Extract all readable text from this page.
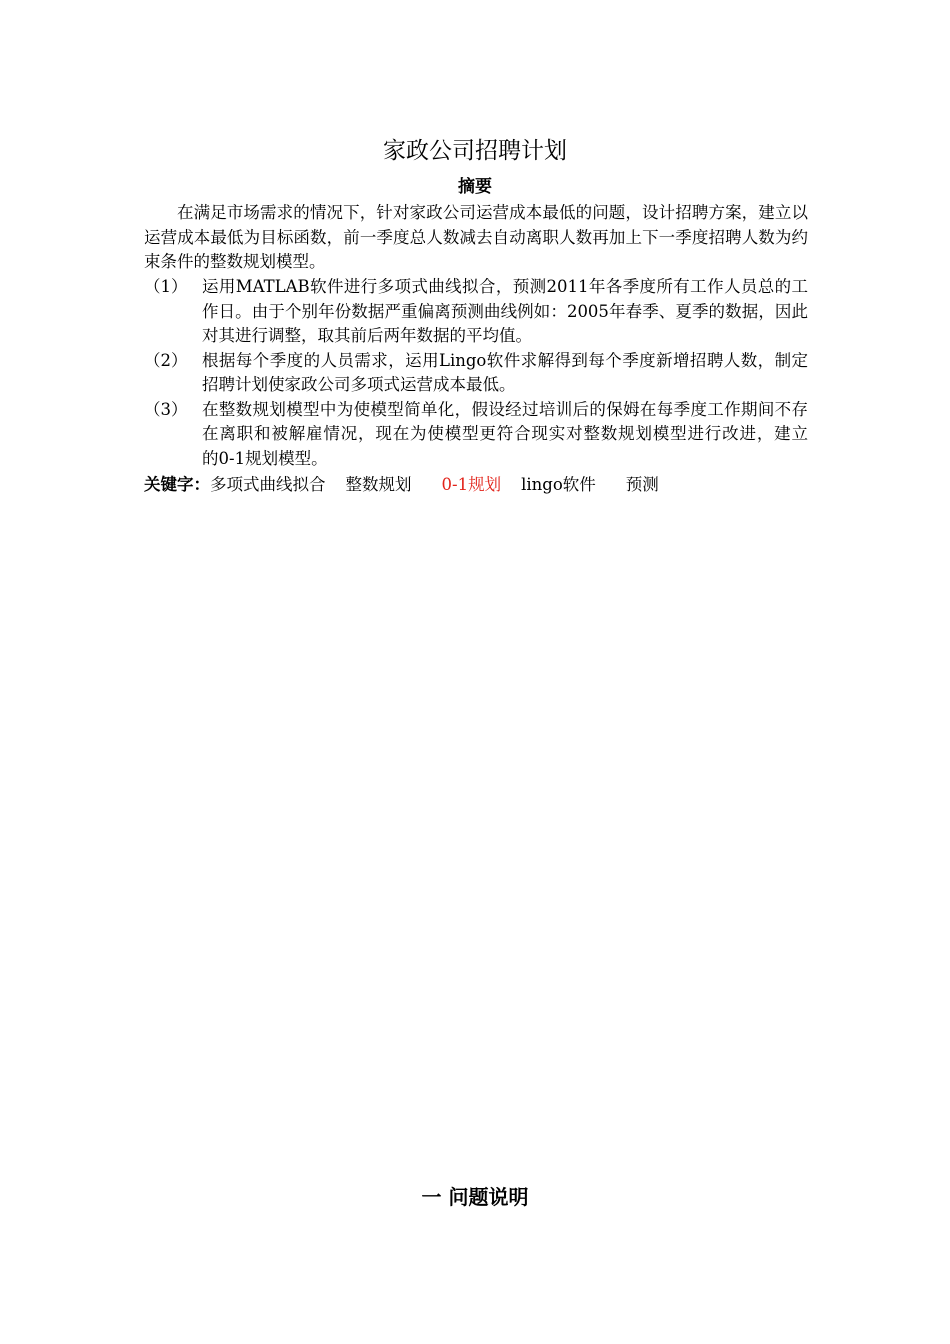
家政公司招聘计划
摘要

在满足市场需求的情况下，针对家政公司运营成本最低的问题，设计招聘方案，建立以运营成本最低为目标函数，前一季度总人数减去自动离职人数再加上下一季度招聘人数为约束条件的整数规划模型。

（1） 运用MATLAB软件进行多项式曲线拟合，预测2011年各季度所有工作人员总的工作日。由于个别年份数据严重偏离预测曲线例如：2005年春季、夏季的数据，因此对其进行调整，取其前后两年数据的平均值。
（2） 根据每个季度的人员需求，运用Lingo软件求解得到每个季度新增招聘人数，制定招聘计划使家政公司多项式运营成本最低。
（3） 在整数规划模型中为使模型简单化，假设经过培训后的保姆在每季度工作期间不存在离职和被解雇情况，现在为使模型更符合现实对整数规划模型进行改进，建立　的0-1规划模型。
关键字：多项式曲线拟合 整数规划 0-1规划 lingo软件 预测
一 问题说明
